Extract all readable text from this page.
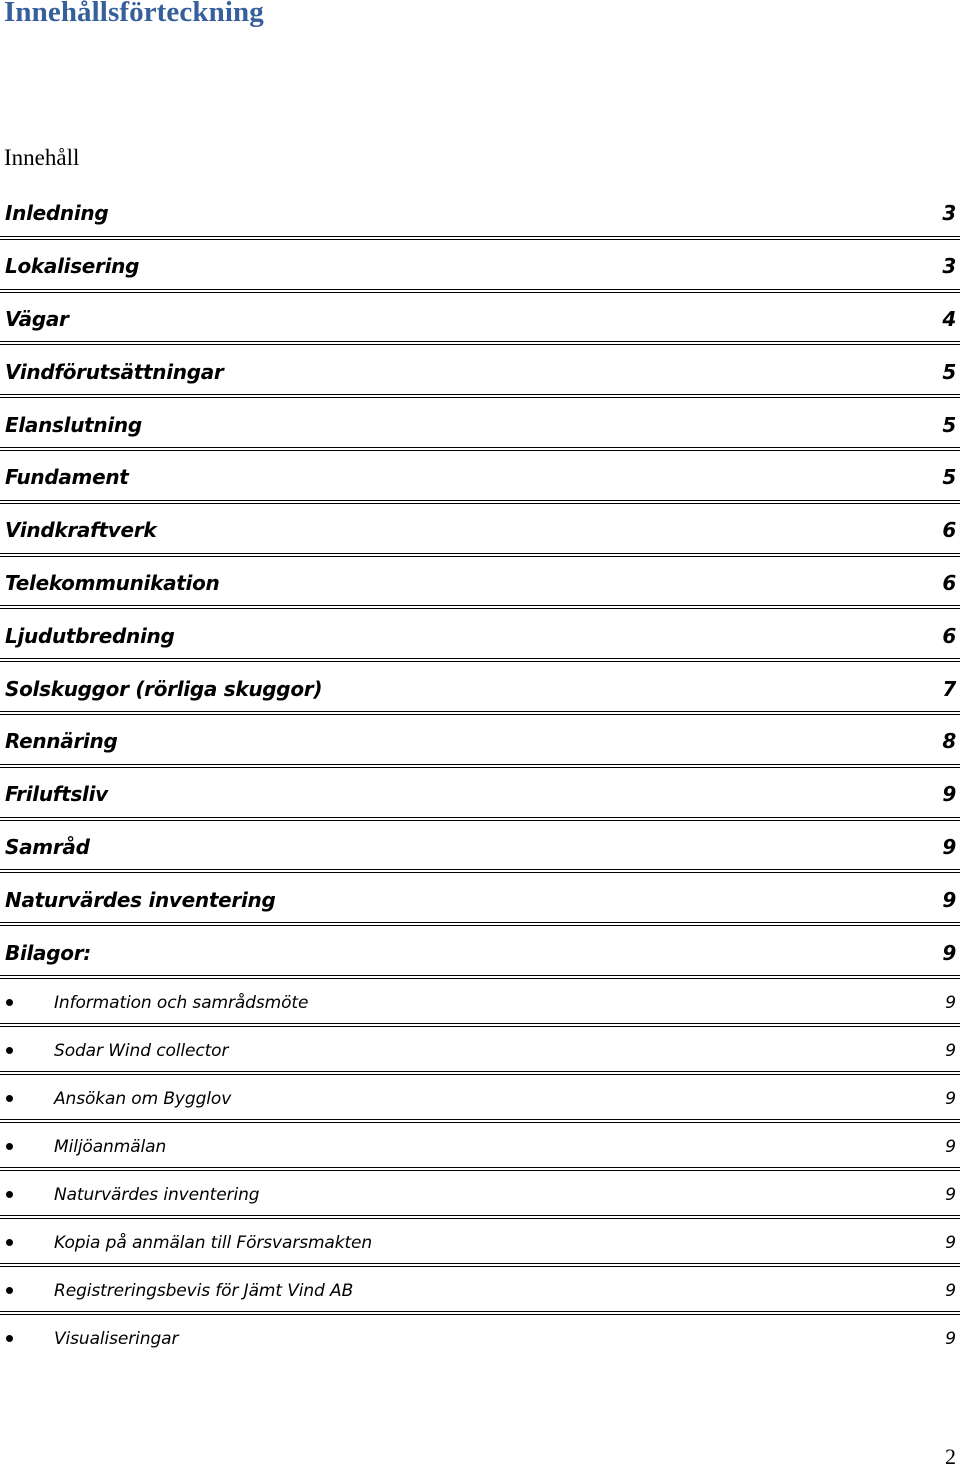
Innehållsförteckning
Innehåll
Inledning	3
Lokalisering	3
Vägar	4
Vindförutsättningar	5
Elanslutning	5
Fundament	5
Vindkraftverk	6
Telekommunikation	6
Ljudutbredning	6
Solskuggor (rörliga skuggor)	7
Rennäring	8
Friluftsliv	9
Samråd	9
Naturvärdes inventering	9
Bilagor:	9
Information och samrådsmöte	9
Sodar Wind collector	9
Ansökan om Bygglov	9
Miljöanmälan	9
Naturvärdes inventering	9
Kopia på anmälan till Försvarsmakten	9
Registreringsbevis för Jämt Vind AB	9
Visualiseringar	9
2
